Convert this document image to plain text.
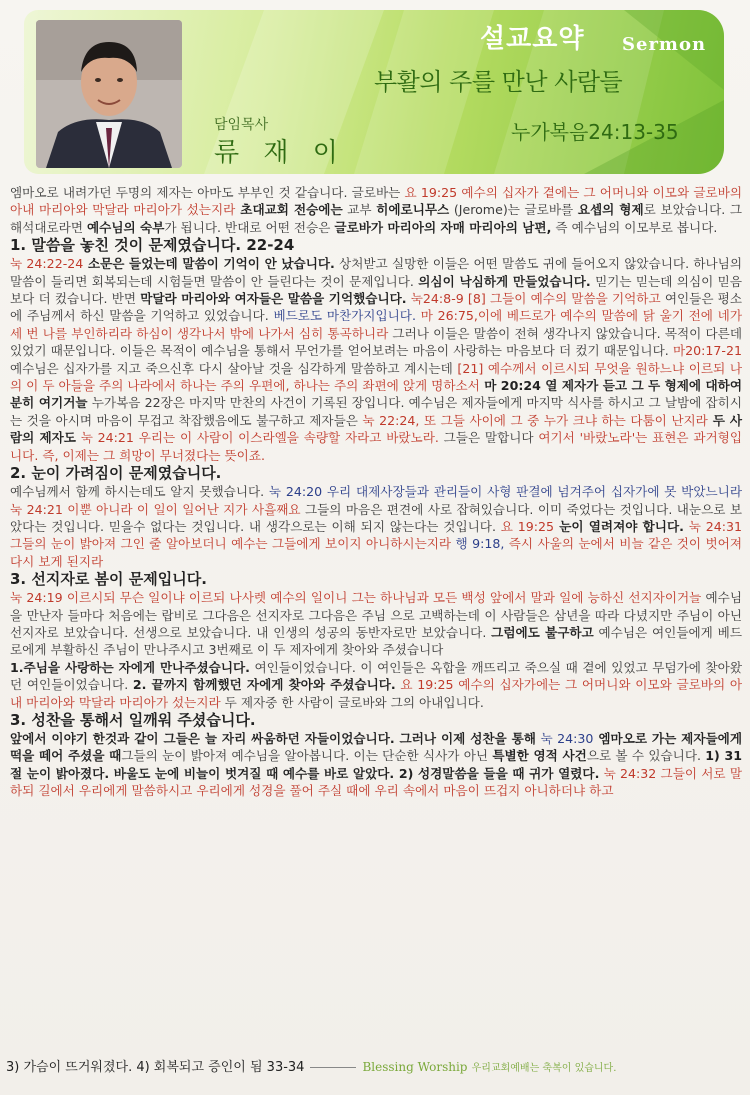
설교요약 Sermon
부활의 주를 만난 사람들
담임목사
류 재 이
누가복음24:13-35

엠마오로 내려가던 두명의 제자는 아마도 부부인 것 같습니다. 글로바는 요 19:25 예수의 십자가 곁에는 그 어머니와 이모와 글로바의 아내 마리아와 막달라 마리아가 섰는지라 초대교회 전승에는 교부 히에로니무스 (Jerome)는 글로바를 요셉의 형제로 보았습니다. 그 해석대로라면 예수님의 숙부가 됩니다. 반대로 어떤 전승은 글로바가 마리아의 자매 마리아의 남편, 즉 예수님의 이모부로 봅니다.

1. 말씀을 놓친 것이 문제였습니다. 22-24

눅 24:22-24 소문은 들었는데 말씀이 기억이 안 났습니다. 상처받고 실망한 이들은 어떤 말씀도 귀에 들어오지 않았습니다. 하나님의 말씀이 들리면 회복되는데 시험들면 말씀이 안 들린다는 것이 문제입니다. 의심이 낙심하게 만들었습니다. 믿기는 믿는데 의심이 믿음보다 더 컸습니다. 반면 막달라 마리아와 여자들은 말씀을 기억했습니다. 눅24:8-9 [8] 그들이 예수의 말씀을 기억하고 여인들은 평소에 주님께서 하신 말씀을 기억하고 있었습니다. 베드로도 마찬가지입니다. 마 26:75,이에 베드로가 예수의 말씀에 닭 울기 전에 네가 세 번 나를 부인하리라 하심이 생각나서 밖에 나가서 심히 통곡하니라 그러나 이들은 말씀이 전혀 생각나지 않았습니다. 목적이 다른데 있었기 때문입니다. 이들은 목적이 예수님을 통해서 무언가를 얻어보려는 마음이 사랑하는 마음보다 더 컸기 때문입니다. 마20:17-21 예수님은 십자가를 지고 죽으신후 다시 살아날 것을 심각하게 말씀하고 계시는데 [21] 예수께서 이르시되 무엇을 원하느냐 이르되 나의 이 두 아들을 주의 나라에서 하나는 주의 우편에, 하나는 주의 좌편에 앉게 명하소서 마 20:24 열 제자가 듣고 그 두 형제에 대하여 분히 여기거늘 누가복음 22장은 마지막 만찬의 사건이 기록된 장입니다. 예수님은 제자들에게 마지막 식사를 하시고 그 날밤에 잡히시는 것을 아시며 마음이 무겁고 착잡했음에도 불구하고 제자들은 눅 22:24, 또 그들 사이에 그 중 누가 크냐 하는 다툼이 난지라 두 사람의 제자도 눅 24:21 우리는 이 사람이 이스라엘을 속량할 자라고 바랐노라. 그들은 말합니다 여기서 '바랐노라'는 표현은 과거형입니다. 즉, 이제는 그 희망이 무너졌다는 뜻이죠.

2. 눈이 가려짐이 문제였습니다.

예수님께서 함께 하시는데도 알지 못했습니다. 눅 24:20 우리 대제사장들과 관리들이 사형 판결에 넘겨주어 십자가에 못 박았느니라 눅 24:21 이뿐 아니라 이 일이 일어난 지가 사흘째요 그들의 마음은 편견에 사로 잡혀있습니다. 이미 죽었다는 것입니다. 내눈으로 보았다는 것입니다. 믿을수 없다는 것입니다. 내 생각으로는 이해 되지 않는다는 것입니다. 요 19:25 눈이 열려져야 합니다. 눅 24:31 그들의 눈이 밝아져 그인 줄 알아보더니 예수는 그들에게 보이지 아니하시는지라 행 9:18, 즉시 사울의 눈에서 비늘 같은 것이 벗어져 다시 보게 된지라

3. 선지자로 봄이 문제입니다.

눅 24:19 이르시되 무슨 일이냐 이르되 나사렛 예수의 일이니 그는 하나님과 모든 백성 앞에서 말과 일에 능하신 선지자이거늘 예수님을 만난자 들마다 처음에는 랍비로 그다음은 선지자로 그다음은 주님 으로 고백하는데 이 사람들은 삼년을 따라 다녔지만 주님이 아닌 선지자로 보았습니다. 선생으로 보았습니다. 내 인생의 성공의 동반자로만 보았습니다. 그럼에도 불구하고 예수님은 여인들에게 베드로에게 부활하신 주님이 만나주시고 3번째로 이 두 제자에게 찾아와 주셨습니다
1.주님을 사랑하는 자에게 만나주셨습니다. 여인들이었습니다. 이 여인들은 옥합을 깨뜨리고 죽으실 때 곁에 있었고 무덤가에 찾아왔던 여인들이었습니다. 2. 끝까지 함께했던 자에게 찾아와 주셨습니다. 요 19:25 예수의 십자가에는 그 어머니와 이모와 글로바의 아내 마리아와 막달라 마리아가 섰는지라 두 제자중 한 사람이 글로바와 그의 아내입니다.

3. 성찬을 통해서 일깨워 주셨습니다.

앞에서 이야기 한것과 같이 그들은 늘 자리 싸움하던 자들이었습니다. 그러나 이제 성찬을 통해 눅 24:30 엠마오로 가는 제자들에게 떡을 떼어 주셨을 때그들의 눈이 밝아져 예수님을 알아봅니다. 이는 단순한 식사가 아닌 특별한 영적 사건으로 볼 수 있습니다. 1) 31절 눈이 밝아졌다. 바울도 눈에 비늘이 벗겨질 때 예수를 바로 알았다. 2) 성경말씀을 들을 때 귀가 열렸다. 눅 24:32 그들이 서로 말하되 길에서 우리에게 말씀하시고 우리에게 성경을 풀어 주실 때에 우리 속에서 마음이 뜨겁지 아니하더냐 하고

3) 가슴이 뜨거워졌다. 4) 회복되고 증인이 됨 33-34	Blessing Worship 우리교회예배는 축복이 있습니다.
